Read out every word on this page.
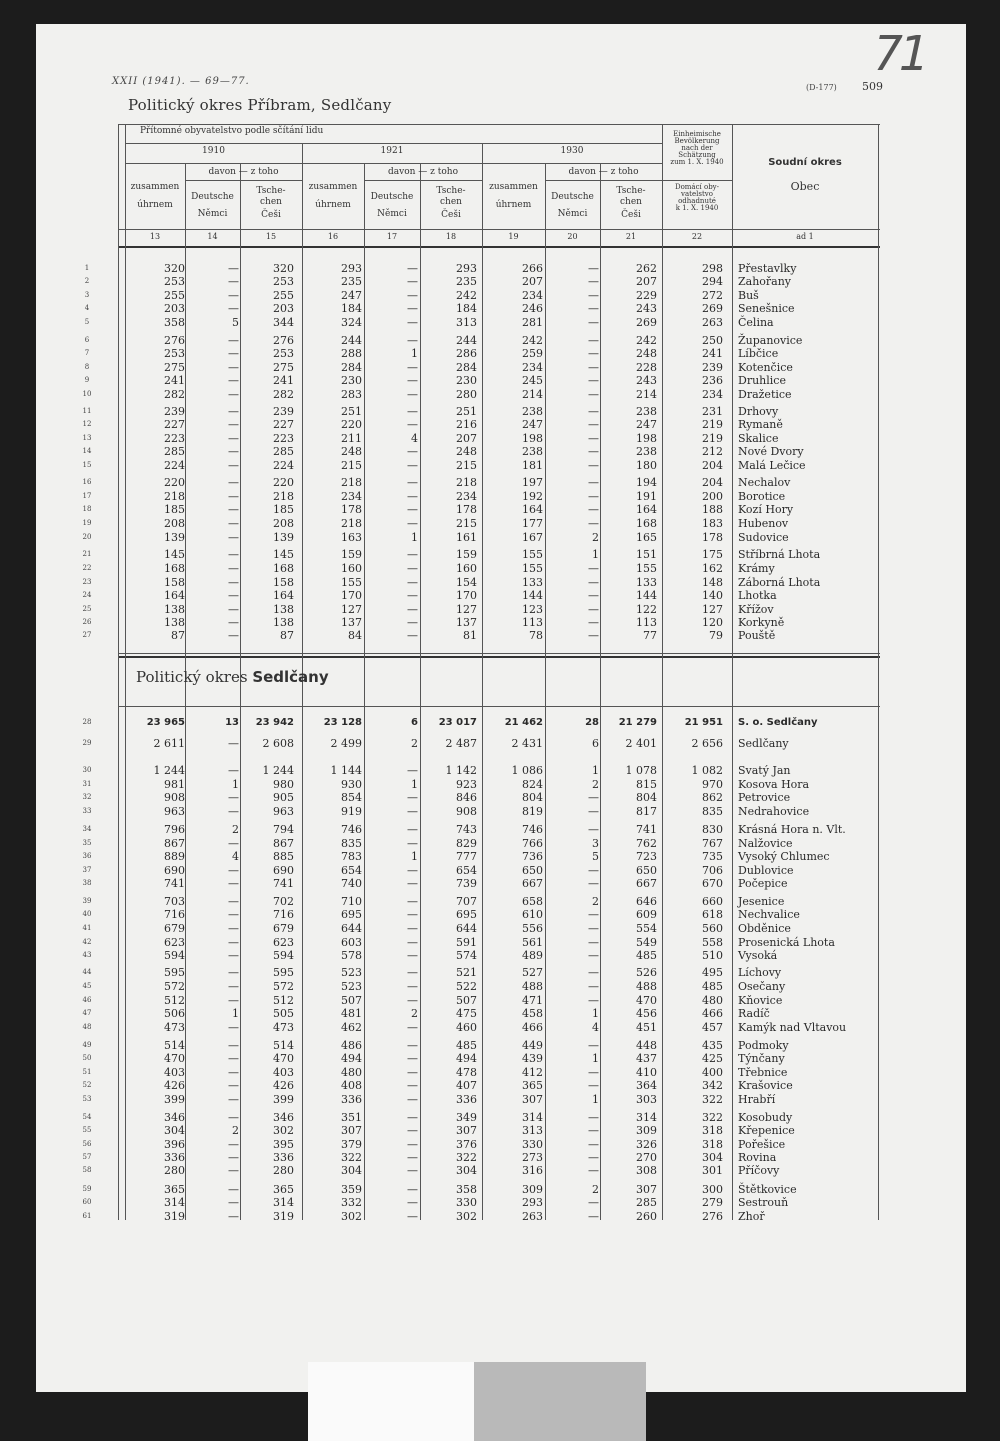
71
XXII (1941). — 69—77.
(D-177) 509
Politický okres Příbram, Sedlčany
Přítomné obyvatelstvo podle sčítání lidu
1910	1921	1930
davon — z toho
zusammen
úhrnem
Deutsche
Němci
Tsche-
chen
Češi
davon — z toho
zusammen
úhrnem
Deutsche
Němci
Tsche-
chen
Češi
davon — z toho
zusammen
úhrnem
Deutsche
Němci
Tsche-
chen
Češi
Einheimische
Bevölkerung
nach der
Schätzung
zum 1. X. 1940
Domácí oby-
vatelstvo
odhadnuté
k 1. X. 1940
Soudní okres
Obec
13	14	15	16	17	18	19	20	21	22	ad 1
Politický okres Sedlčany
1	320	—	320	293	—	293	266	—	262	298 Přestavlky
2	253	—	253	235	—	235	207	—	207	294 Zahořany
3	255	—	255	247	—	242	234	—	229	272 Buš
4	203	—	203	184	—	184	246	—	243	269 Senešnice
5	358	5	344	324	—	313	281	—	269	263 Čelina
6	276	—	276	244	—	244	242	—	242	250 Županovice
7	253	—	253	288	1	286	259	—	248	241 Líbčice
8	275	—	275	284	—	284	234	—	228	239 Kotenčice
9	241	—	241	230	—	230	245	—	243	236 Druhlice
10	282	—	282	283	—	280	214	—	214	234 Dražetice
11	239	—	239	251	—	251	238	—	238	231 Drhovy
12	227	—	227	220	—	216	247	—	247	219 Rymaně
13	223	—	223	211	4	207	198	—	198	219 Skalice
14	285	—	285	248	—	248	238	—	238	212 Nové Dvory
15	224	—	224	215	—	215	181	—	180	204 Malá Lečice
16	220	—	220	218	—	218	197	—	194	204 Nechalov
17	218	—	218	234	—	234	192	—	191	200 Borotice
18	185	—	185	178	—	178	164	—	164	188 Kozí Hory
19	208	—	208	218	—	215	177	—	168	183 Hubenov
20	139	—	139	163	1	161	167	2	165	178 Sudovice
21	145	—	145	159	—	159	155	1	151	175 Stříbrná Lhota
22	168	—	168	160	—	160	155	—	155	162 Krámy
23	158	—	158	155	—	154	133	—	133	148 Záborná Lhota
24	164	—	164	170	—	170	144	—	144	140 Lhotka
25	138	—	138	127	—	127	123	—	122	127 Křížov
26	138	—	138	137	—	137	113	—	113	120 Korkyně
27	87	—	87	84	—	81	78	—	77	79 Pouště
28	23 965	13	23 942	23 128	6	23 017	21 462	28	21 279	21 951 S. o. Sedlčany
29	2 611	—	2 608	2 499	2	2 487	2 431	6	2 401	2 656 Sedlčany
30	1 244	—	1 244	1 144	—	1 142	1 086	1	1 078	1 082 Svatý Jan
31	981	1	980	930	1	923	824	2	815	970 Kosova Hora
32	908	—	905	854	—	846	804	—	804	862 Petrovice
33	963	—	963	919	—	908	819	—	817	835 Nedrahovice
34	796	2	794	746	—	743	746	—	741	830 Krásná Hora n. Vlt.
35	867	—	867	835	—	829	766	3	762	767 Nalžovice
36	889	4	885	783	1	777	736	5	723	735 Vysoký Chlumec
37	690	—	690	654	—	654	650	—	650	706 Dublovice
38	741	—	741	740	—	739	667	—	667	670 Počepice
39	703	—	702	710	—	707	658	2	646	660 Jesenice
40	716	—	716	695	—	695	610	—	609	618 Nechvalice
41	679	—	679	644	—	644	556	—	554	560 Obděnice
42	623	—	623	603	—	591	561	—	549	558 Prosenická Lhota
43	594	—	594	578	—	574	489	—	485	510 Vysoká
44	595	—	595	523	—	521	527	—	526	495 Líchovy
45	572	—	572	523	—	522	488	—	488	485 Osečany
46	512	—	512	507	—	507	471	—	470	480 Kňovice
47	506	1	505	481	2	475	458	1	456	466 Radíč
48	473	—	473	462	—	460	466	4	451	457 Kamýk nad Vltavou
49	514	—	514	486	—	485	449	—	448	435 Podmoky
50	470	—	470	494	—	494	439	1	437	425 Týnčany
51	403	—	403	480	—	478	412	—	410	400 Třebnice
52	426	—	426	408	—	407	365	—	364	342 Krašovice
53	399	—	399	336	—	336	307	1	303	322 Hrabří
54	346	—	346	351	—	349	314	—	314	322 Kosobudy
55	304	2	302	307	—	307	313	—	309	318 Křepenice
56	396	—	395	379	—	376	330	—	326	318 Pořešice
57	336	—	336	322	—	322	273	—	270	304 Rovina
58	280	—	280	304	—	304	316	—	308	301 Příčovy
59	365	—	365	359	—	358	309	2	307	300 Štětkovice
60	314	—	314	332	—	330	293	—	285	279 Sestrouň
61	319	—	319	302	—	302	263	—	260	276 Zhoř
